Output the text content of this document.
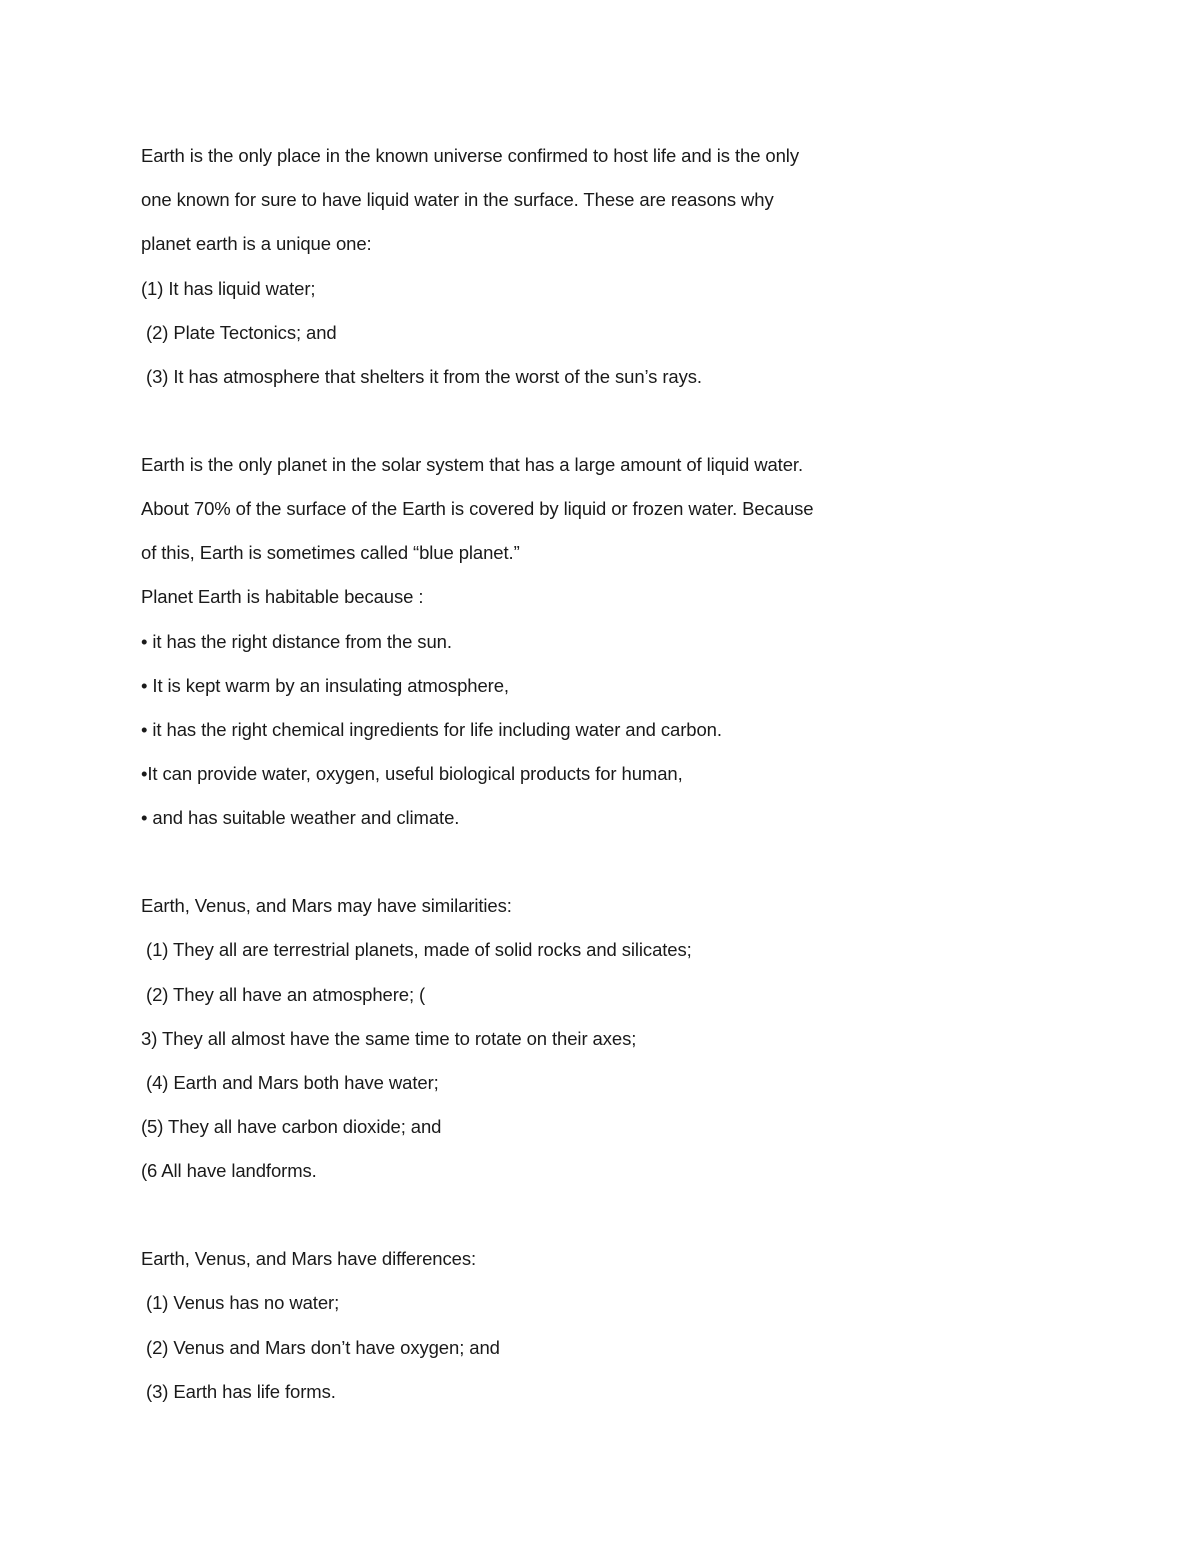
Earth is the only place in the known universe confirmed to host life and is the only
one known for sure to have liquid water in the surface. These are reasons why
planet earth is a unique one:
(1) It has liquid water;
(2) Plate Tectonics; and
(3) It has atmosphere that shelters it from the worst of the sun’s rays.
Earth is the only planet in the solar system that has a large amount of liquid water.
About 70% of the surface of the Earth is covered by liquid or frozen water. Because
of this, Earth is sometimes called “blue planet.”
Planet Earth is habitable because :
• it has the right distance from the sun.
• It is kept warm by an insulating atmosphere,
• it has the right chemical ingredients for life including water and carbon.
•It can provide water, oxygen, useful biological products for human,
• and has suitable weather and climate.
Earth, Venus, and Mars may have similarities:
(1) They all are terrestrial planets, made of solid rocks and silicates;
(2) They all have an atmosphere; (
3) They all almost have the same time to rotate on their axes;
(4) Earth and Mars both have water;
(5) They all have carbon dioxide; and
(6 All have landforms.
Earth, Venus, and Mars have differences:
(1) Venus has no water;
(2) Venus and Mars don’t have oxygen; and
(3) Earth has life forms.
